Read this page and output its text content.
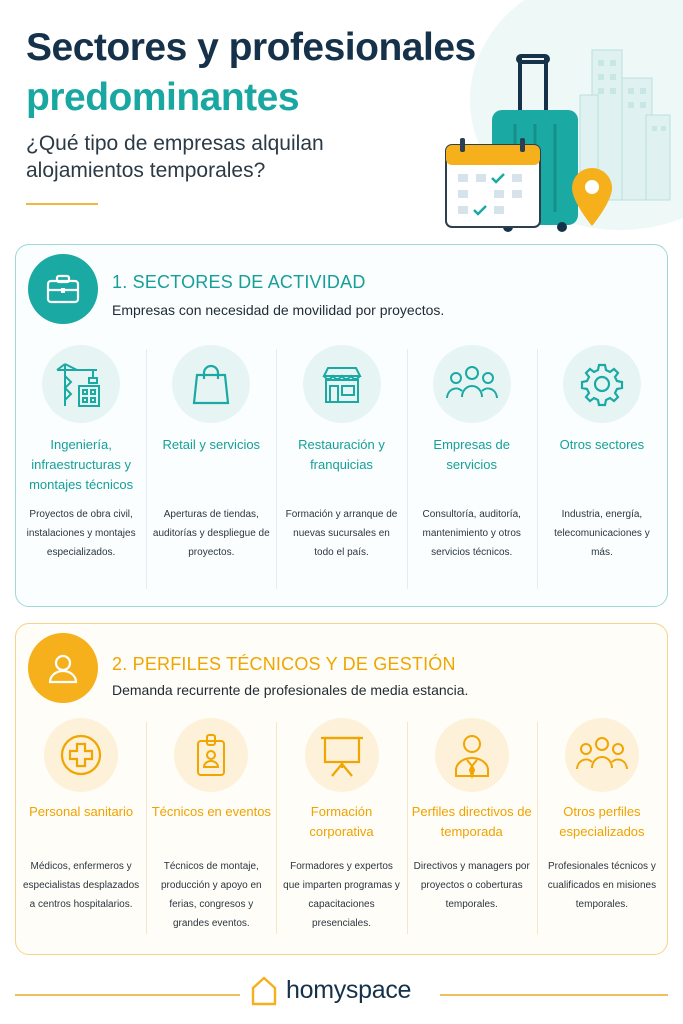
Sectores y profesionales
predominantes
¿Qué tipo de empresas alquilan alojamientos temporales?
1. SECTORES DE ACTIVIDAD
Empresas con necesidad de movilidad por proyectos.
Ingeniería, infraestructuras y montajes técnicos
Proyectos de obra civil, instalaciones y montajes especializados.
Retail y servicios
Aperturas de tiendas, auditorías y despliegue de proyectos.
Restauración y franquicias
Formación y arranque de nuevas sucursales en todo el país.
Empresas de servicios
Consultoría, auditoría, mantenimiento y otros servicios técnicos.
Otros sectores
Industria, energía, telecomunicaciones y más.
2. PERFILES TÉCNICOS Y DE GESTIÓN
Demanda recurrente de profesionales de media estancia.
Personal sanitario
Médicos, enfermeros y especialistas desplazados a centros hospitalarios.
Técnicos en eventos
Técnicos de montaje, producción y apoyo en ferias, congresos y grandes eventos.
Formación corporativa
Formadores y expertos que imparten programas y capacitaciones presenciales.
Perfiles directivos de temporada
Directivos y managers por proyectos o coberturas temporales.
Otros perfiles especializados
Profesionales técnicos y cualificados en misiones temporales.
homyspace
